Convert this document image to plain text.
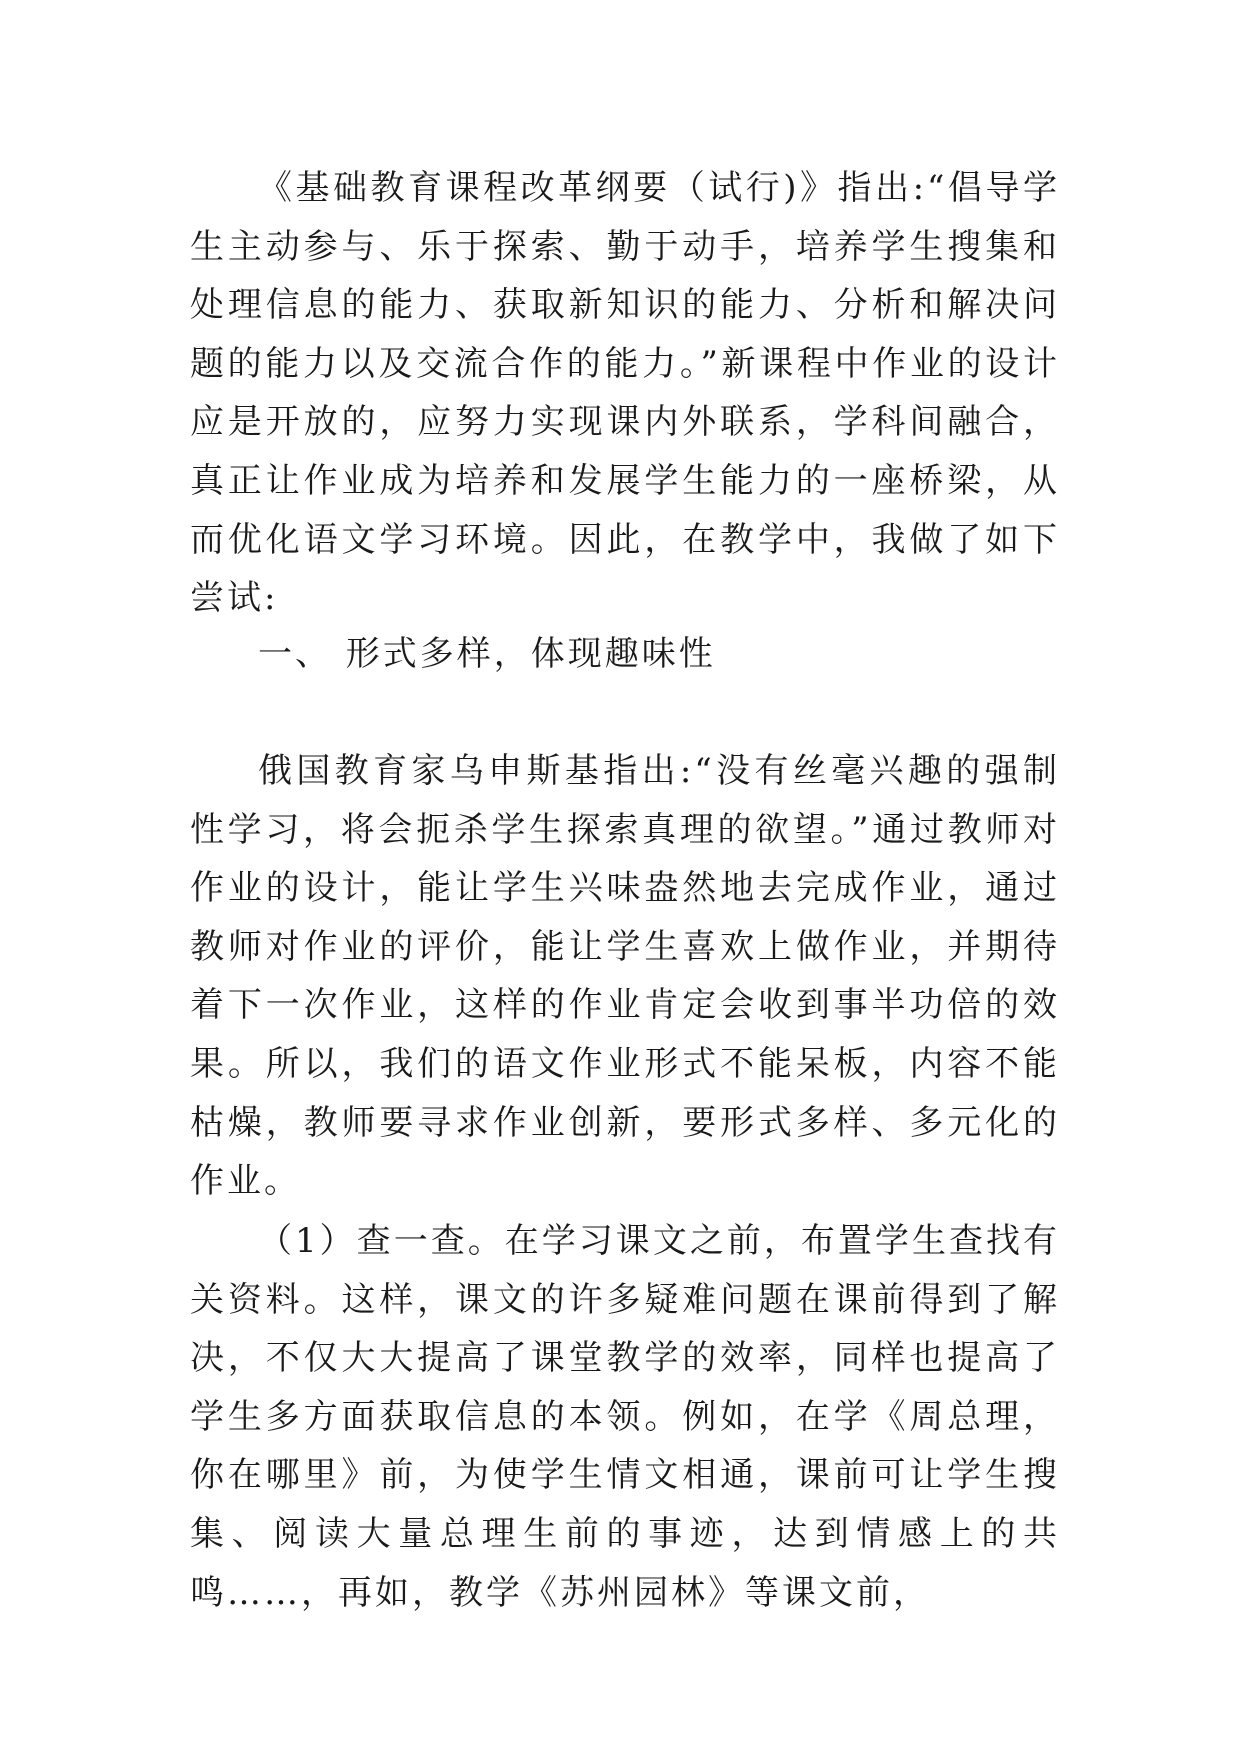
《基础教育课程改革纲要（试行)》指出:“倡导学生主动参与、乐于探索、勤于动手，培养学生搜集和处理信息的能力、获取新知识的能力、分析和解决问题的能力以及交流合作的能力。”新课程中作业的设计应是开放的，应努力实现课内外联系，学科间融合，真正让作业成为培养和发展学生能力的一座桥梁，从而优化语文学习环境。因此，在教学中，我做了如下尝试:

一、 形式多样，体现趣味性

俄国教育家乌申斯基指出:“没有丝毫兴趣的强制性学习，将会扼杀学生探索真理的欲望。”通过教师对作业的设计，能让学生兴味盎然地去完成作业，通过教师对作业的评价，能让学生喜欢上做作业，并期待着下一次作业，这样的作业肯定会收到事半功倍的效果。所以，我们的语文作业形式不能呆板，内容不能枯燥，教师要寻求作业创新，要形式多样、多元化的作业。

（1）查一查。在学习课文之前，布置学生查找有关资料。这样，课文的许多疑难问题在课前得到了解决，不仅大大提高了课堂教学的效率，同样也提高了学生多方面获取信息的本领。例如，在学《周总理，你在哪里》前，为使学生情文相通，课前可让学生搜集、阅读大量总理生前的事迹，达到情感上的共鸣……，再如，教学《苏州园林》等课文前，
